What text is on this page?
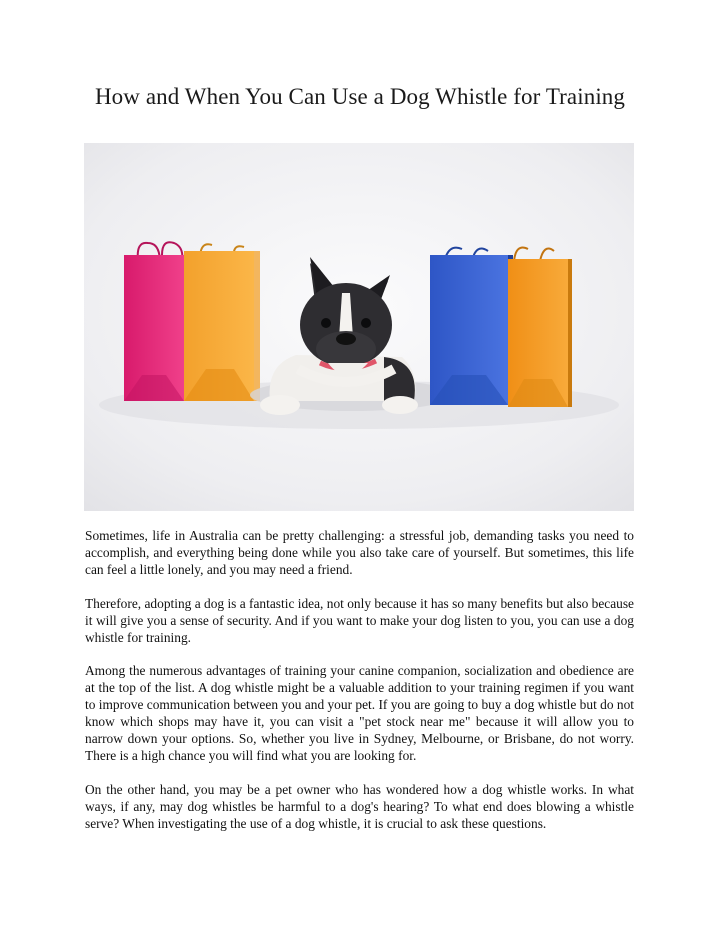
How and When You Can Use a Dog Whistle for Training

Sometimes, life in Australia can be pretty challenging: a stressful job, demanding tasks you need to accomplish, and everything being done while you also take care of yourself. But sometimes, this life can feel a little lonely, and you may need a friend.

Therefore, adopting a dog is a fantastic idea, not only because it has so many benefits but also because it will give you a sense of security. And if you want to make your dog listen to you, you can use a dog whistle for training.

Among the numerous advantages of training your canine companion, socialization and obedience are at the top of the list. A dog whistle might be a valuable addition to your training regimen if you want to improve communication between you and your pet. If you are going to buy a dog whistle but do not know which shops may have it, you can visit a "pet stock near me" because it will allow you to narrow down your options. So, whether you live in Sydney, Melbourne, or Brisbane, do not worry. There is a high chance you will find what you are looking for.

On the other hand, you may be a pet owner who has wondered how a dog whistle works. In what ways, if any, may dog whistles be harmful to a dog's hearing? To what end does blowing a whistle serve? When investigating the use of a dog whistle, it is crucial to ask these questions.
